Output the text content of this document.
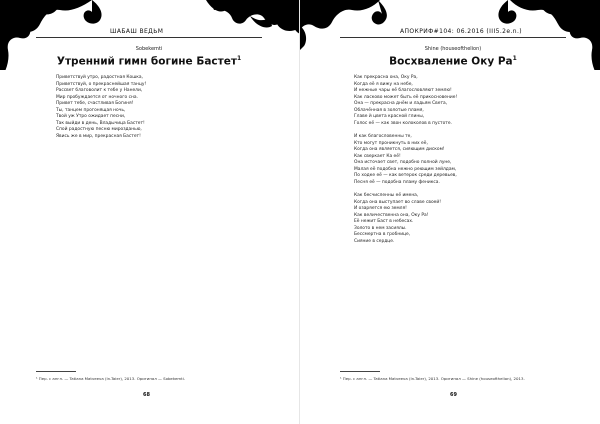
ШАБАШ ВЕДЬМ
Sobekemti
Утренний гимн богине Бастет$^1$
Приветствуй утро, радостная Кошка,
Приветствуй, о прекраснейшая танцу!
Рассвет благоволит к тебе у Нанели,
Мир пробуждается от ночного сна.
Привет тебе, счастливая Богиня!
Ты, танцем прогонящая ночь,
Твой уж Утро ожидает песни,
Так выйди в день, Владычица Бастет!
Спой радостную песню мирозданью,
Явись же в мир, прекрасная Бастет!
¹ Пер. с англ. — Tatiana Matveeva (In-Taier), 2013. Оригинал — Sobekemti.
68
АПОКРИФ#104: 06.2016 (III5.2e.n.)
Shine (houseofthelion)
Восхваление Оку $Ра^1$
Как прекрасна она, Оку Ра,
Когда её я вижу на небе,
И нежные чары её благословляют землю!
Как ласково может быть её прикосновение!
Она — прекрасна днём и ладьям Света,
Облачённая в золотые пламя,
Главе й цвета красной глины,
Голос её — как звон колоколов в пустоте.
И как благословенны те,
Кто могут проникнуть в них её,
Когда она является, сияющим диском!
Как сверкает Ка её!
Она источает свет, подобно полной луне,
Малая её подобна нежно реющим зейлдам,
По ходке её — как ветерок среди деревьев,
Песня её — подобна пламу феникса.
Как бесчисленны её имена,
Когда она выступает во славе своей!
И озаряется ею земля!
Как величественна она, Оку Ра!
Её нежит Баст в небесах.
Золото в нем засиялы.
Бессмертна в гробнице,
Сияние в сердце.
¹ Пер. с англ. — Tatiana Matveeva (In-Taier), 2013. Оригинал — Shine (houseofthelion), 2013.
69
